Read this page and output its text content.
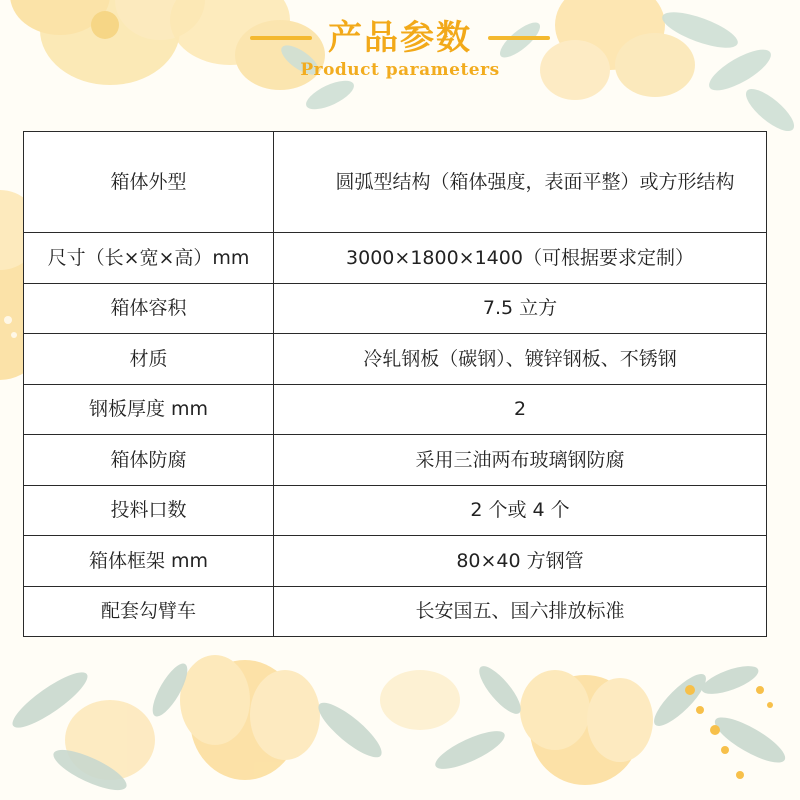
产品参数
Product parameters
箱体外型	圆弧型结构（箱体强度，表面平整）或方形结构
尺寸（长×宽×高）mm	3000×1800×1400（可根据要求定制）
箱体容积	7.5 立方
材质	冷轧钢板（碳钢）、镀锌钢板、不锈钢
钢板厚度 mm	2
箱体防腐	采用三油两布玻璃钢防腐
投料口数	2 个或 4 个
箱体框架 mm	80×40 方钢管
配套勾臂车	长安国五、国六排放标准
